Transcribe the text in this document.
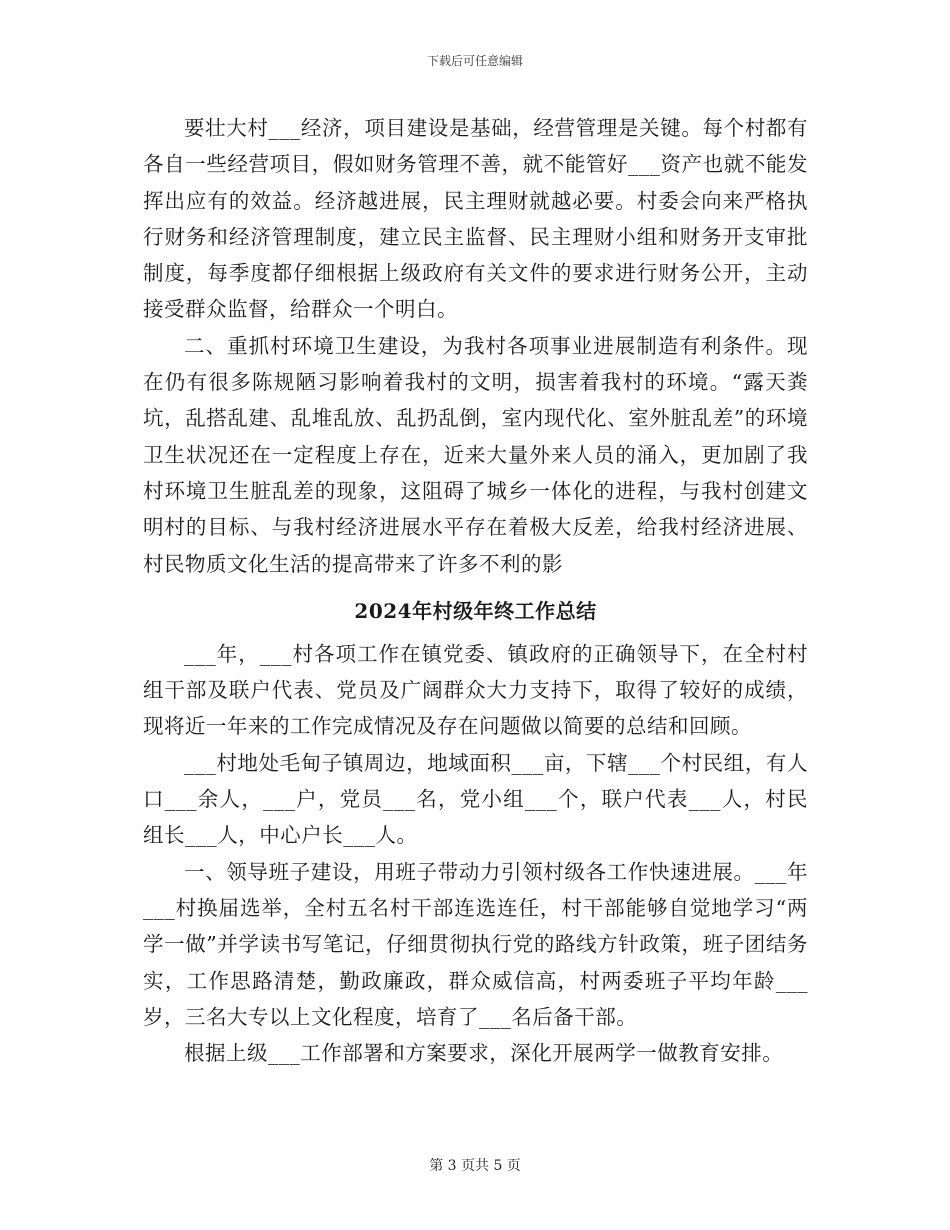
下载后可任意编辑

要壮大村___经济，项目建设是基础，经营管理是关键。每个村都有各自一些经营项目，假如财务管理不善，就不能管好___资产也就不能发挥出应有的效益。经济越进展，民主理财就越必要。村委会向来严格执行财务和经济管理制度，建立民主监督、民主理财小组和财务开支审批制度，每季度都仔细根据上级政府有关文件的要求进行财务公开，主动接受群众监督，给群众一个明白。

二、重抓村环境卫生建设，为我村各项事业进展制造有利条件。现在仍有很多陈规陋习影响着我村的文明，损害着我村的环境。“露天粪坑，乱搭乱建、乱堆乱放、乱扔乱倒，室内现代化、室外脏乱差”的环境卫生状况还在一定程度上存在，近来大量外来人员的涌入，更加剧了我村环境卫生脏乱差的现象，这阻碍了城乡一体化的进程，与我村创建文明村的目标、与我村经济进展水平存在着极大反差，给我村经济进展、村民物质文化生活的提高带来了许多不利的影

2024年村级年终工作总结

___年，___村各项工作在镇党委、镇政府的正确领导下，在全村村组干部及联户代表、党员及广阔群众大力支持下，取得了较好的成绩，现将近一年来的工作完成情况及存在问题做以简要的总结和回顾。

___村地处毛甸子镇周边，地域面积___亩，下辖___个村民组，有人口___余人，___户，党员___名，党小组___个，联户代表___人，村民组长___人，中心户长___人。

一、领导班子建设，用班子带动力引领村级各工作快速进展。___年___村换届选举，全村五名村干部连选连任，村干部能够自觉地学习“两学一做”并学读书写笔记，仔细贯彻执行党的路线方针政策，班子团结务实，工作思路清楚，勤政廉政，群众威信高，村两委班子平均年龄___岁，三名大专以上文化程度，培育了___名后备干部。

根据上级___工作部署和方案要求，深化开展两学一做教育安排。

第 3 页共 5 页
